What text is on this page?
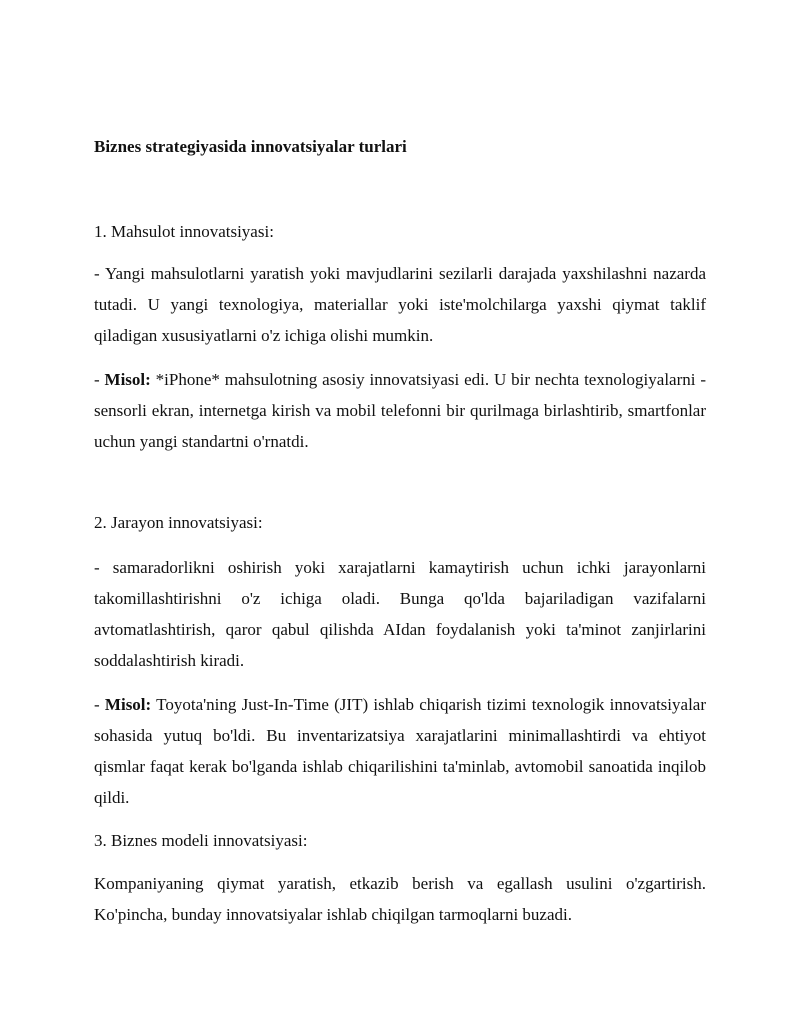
Biznes strategiyasida innovatsiyalar turlari
1. Mahsulot innovatsiyasi:
- Yangi mahsulotlarni yaratish yoki mavjudlarini sezilarli darajada yaxshilashni nazarda tutadi. U yangi texnologiya, materiallar yoki iste'molchilarga yaxshi qiymat taklif qiladigan xususiyatlarni o'z ichiga olishi mumkin.
- Misol: *iPhone* mahsulotning asosiy innovatsiyasi edi. U bir nechta texnologiyalarni - sensorli ekran, internetga kirish va mobil telefonni bir qurilmaga birlashtirib, smartfonlar uchun yangi standartni o'rnatdi.
2. Jarayon innovatsiyasi:
- samaradorlikni oshirish yoki xarajatlarni kamaytirish uchun ichki jarayonlarni takomillashtirishni o'z ichiga oladi. Bunga qo'lda bajariladigan vazifalarni avtomatlashtirish, qaror qabul qilishda AIdan foydalanish yoki ta'minot zanjirlarini soddalashtirish kiradi.
- Misol: Toyota'ning Just-In-Time (JIT) ishlab chiqarish tizimi texnologik innovatsiyalar sohasida yutuq bo'ldi. Bu inventarizatsiya xarajatlarini minimallashtirdi va ehtiyot qismlar faqat kerak bo'lganda ishlab chiqarilishini ta'minlab, avtomobil sanoatida inqilob qildi.
3. Biznes modeli innovatsiyasi:
Kompaniyaning qiymat yaratish, etkazib berish va egallash usulini o'zgartirish. Ko'pincha, bunday innovatsiyalar ishlab chiqilgan tarmoqlarni buzadi.
